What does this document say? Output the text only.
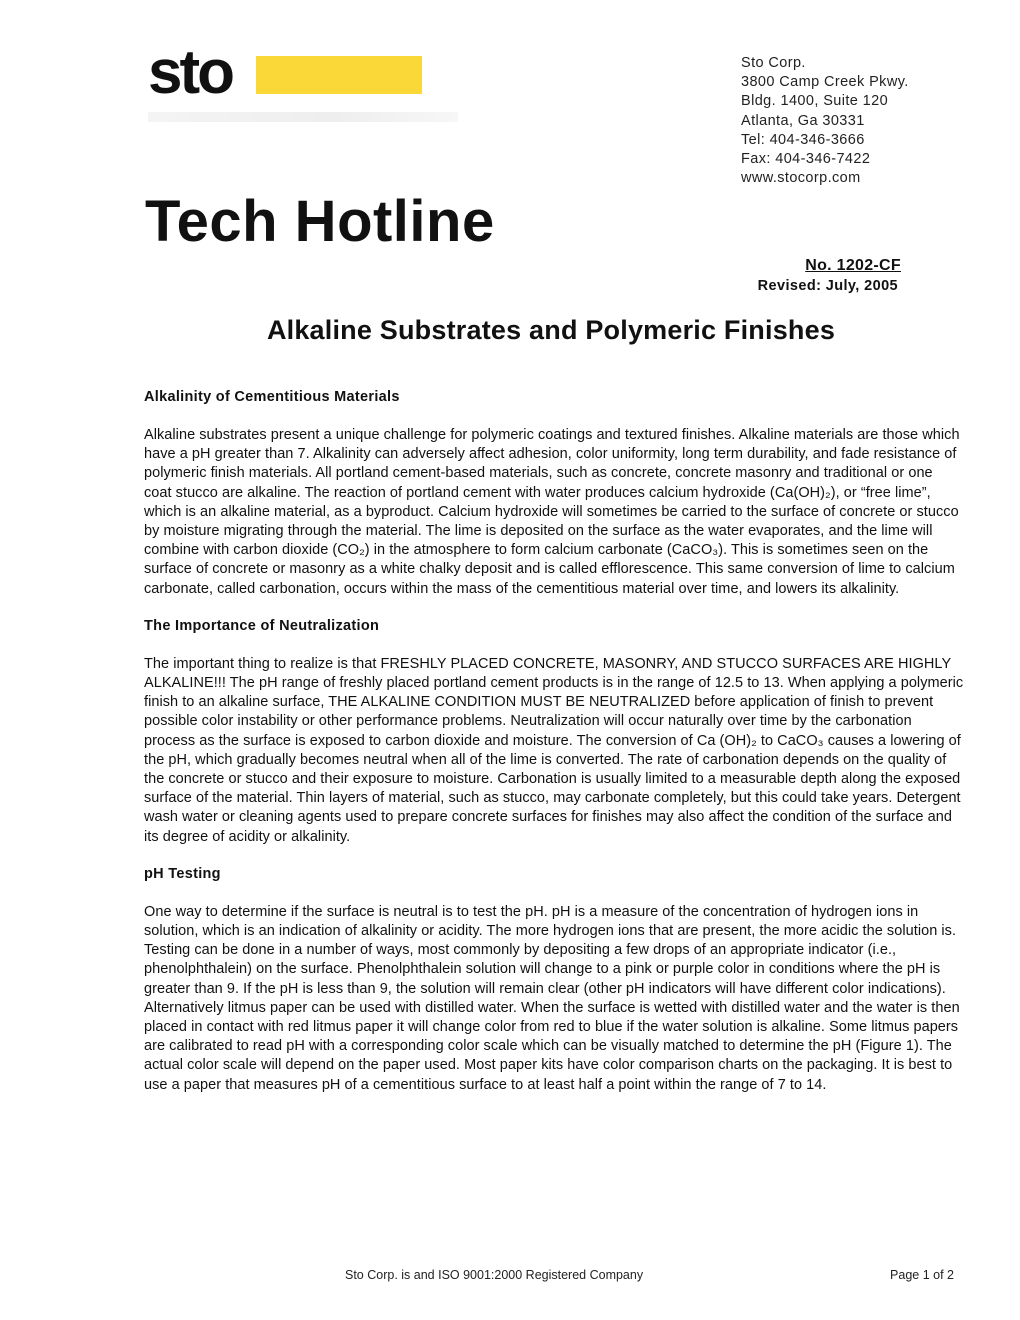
sto	Sto Corp.
3800 Camp Creek Pkwy.
Bldg. 1400, Suite 120
Atlanta, Ga 30331
Tel: 404-346-3666
Fax: 404-346-7422
www.stocorp.com
Tech Hotline
No. 1202-CF
Revised: July, 2005
Alkaline Substrates and Polymeric Finishes
Alkalinity of Cementitious Materials

Alkaline substrates present a unique challenge for polymeric coatings and textured finishes. Alkaline materials are those which have a pH greater than 7. Alkalinity can adversely affect adhesion, color uniformity, long term durability, and fade resistance of polymeric finish materials. All portland cement-based materials, such as concrete, concrete masonry and traditional or one coat stucco are alkaline. The reaction of portland cement with water produces calcium hydroxide (Ca(OH)₂), or “free lime”, which is an alkaline material, as a byproduct. Calcium hydroxide will sometimes be carried to the surface of concrete or stucco by moisture migrating through the material. The lime is deposited on the surface as the water evaporates, and the lime will combine with carbon dioxide (CO₂) in the atmosphere to form calcium carbonate (CaCO₃). This is sometimes seen on the surface of concrete or masonry as a white chalky deposit and is called efflorescence. This same conversion of lime to calcium carbonate, called carbonation, occurs within the mass of the cementitious material over time, and lowers its alkalinity.

The Importance of Neutralization

The important thing to realize is that FRESHLY PLACED CONCRETE, MASONRY, AND STUCCO SURFACES ARE HIGHLY ALKALINE!!! The pH range of freshly placed portland cement products is in the range of 12.5 to 13. When applying a polymeric finish to an alkaline surface, THE ALKALINE CONDITION MUST BE NEUTRALIZED before application of finish to prevent possible color instability or other performance problems. Neutralization will occur naturally over time by the carbonation process as the surface is exposed to carbon dioxide and moisture. The conversion of Ca (OH)₂ to CaCO₃ causes a lowering of the pH, which gradually becomes neutral when all of the lime is converted. The rate of carbonation depends on the quality of the concrete or stucco and their exposure to moisture. Carbonation is usually limited to a measurable depth along the exposed surface of the material. Thin layers of material, such as stucco, may carbonate completely, but this could take years. Detergent wash water or cleaning agents used to prepare concrete surfaces for finishes may also affect the condition of the surface and its degree of acidity or alkalinity.

pH Testing

One way to determine if the surface is neutral is to test the pH. pH is a measure of the concentration of hydrogen ions in solution, which is an indication of alkalinity or acidity. The more hydrogen ions that are present, the more acidic the solution is. Testing can be done in a number of ways, most commonly by depositing a few drops of an appropriate indicator (i.e., phenolphthalein) on the surface. Phenolphthalein solution will change to a pink or purple color in conditions where the pH is greater than 9. If the pH is less than 9, the solution will remain clear (other pH indicators will have different color indications). Alternatively litmus paper can be used with distilled water. When the surface is wetted with distilled water and the water is then placed in contact with red litmus paper it will change color from red to blue if the water solution is alkaline. Some litmus papers are calibrated to read pH with a corresponding color scale which can be visually matched to determine the pH (Figure 1). The actual color scale will depend on the paper used. Most paper kits have color comparison charts on the packaging. It is best to use a paper that measures pH of a cementitious surface to at least half a point within the range of 7 to 14.

Sto Corp. is and ISO 9001:2000 Registered Company	Page 1 of 2
